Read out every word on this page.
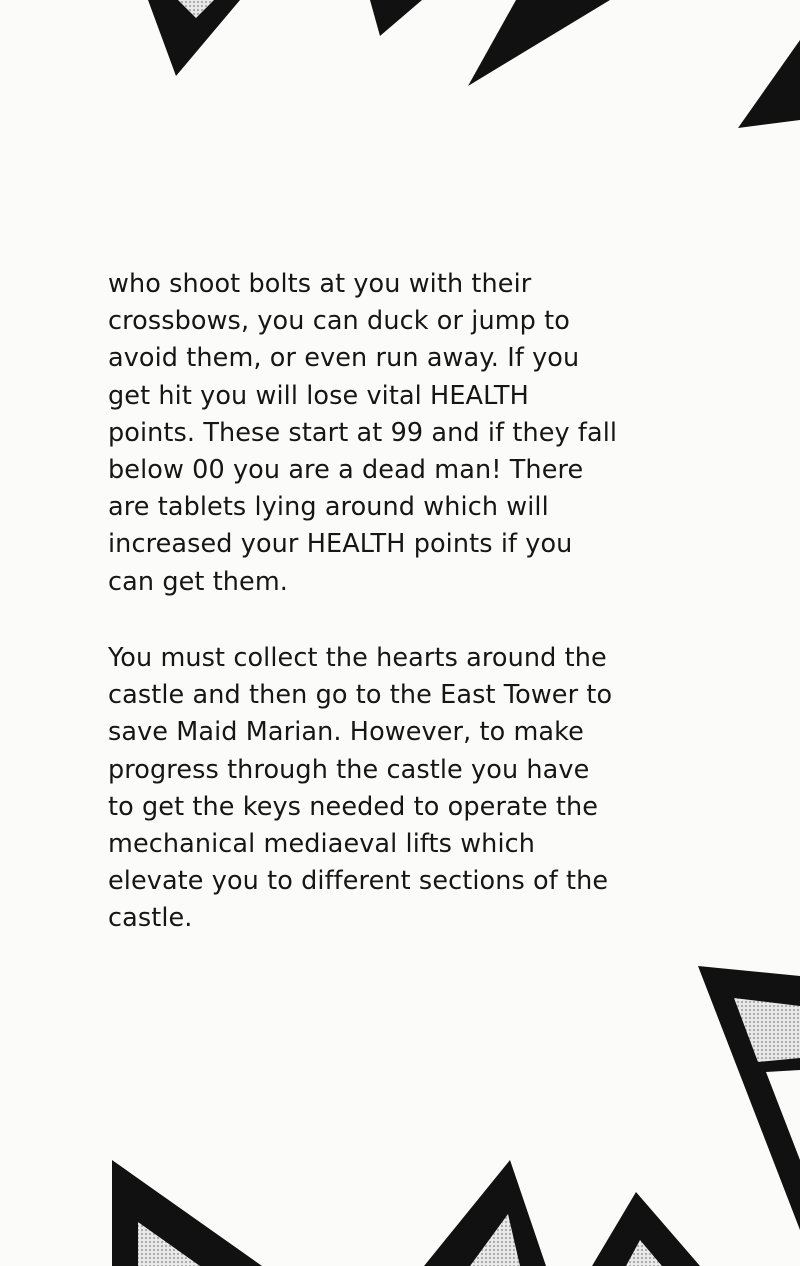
who shoot bolts at you with their
crossbows, you can duck or jump to
avoid them, or even run away. If you
get hit you will lose vital HEALTH
points. These start at 99 and if they fall
below 00 you are a dead man! There
are tablets lying around which will
increased your HEALTH points if you
can get them.
You must collect the hearts around the
castle and then go to the East Tower to
save Maid Marian. However, to make
progress through the castle you have
to get the keys needed to operate the
mechanical mediaeval lifts which
elevate you to different sections of the
castle.
